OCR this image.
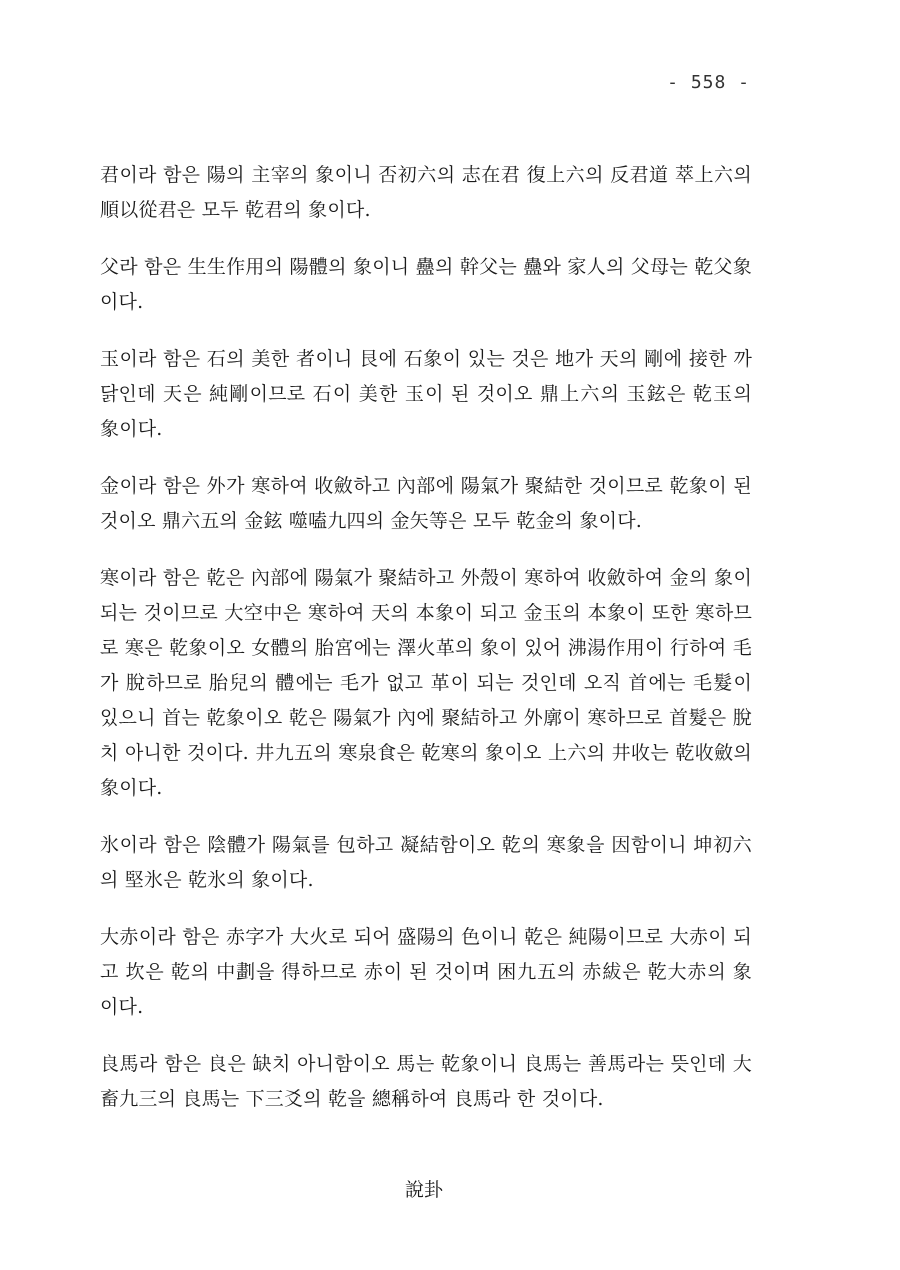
- 558 -

君이라 함은 陽의 主宰의 象이니 否初六의 志在君 復上六의 反君道 萃上六의 順以從君은 모두 乾君의 象이다.

父라 함은 生生作用의 陽體의 象이니 蠱의 幹父는 蠱와 家人의 父母는 乾父象이다.

玉이라 함은 石의 美한 者이니 艮에 石象이 있는 것은 地가 天의 剛에 接한 까닭인데 天은 純剛이므로 石이 美한 玉이 된 것이오 鼎上六의 玉鉉은 乾玉의 象이다.

金이라 함은 外가 寒하여 收斂하고 內部에 陽氣가 聚結한 것이므로 乾象이 된 것이오 鼎六五의 金鉉 噬嗑九四의 金矢等은 모두 乾金의 象이다.

寒이라 함은 乾은 內部에 陽氣가 聚結하고 外殼이 寒하여 收斂하여 金의 象이 되는 것이므로 大空中은 寒하여 天의 本象이 되고 金玉의 本象이 또한 寒하므로 寒은 乾象이오 女體의 胎宮에는 澤火革의 象이 있어 沸湯作用이 行하여 毛가 脫하므로 胎兒의 體에는 毛가 없고 革이 되는 것인데 오직 首에는 毛髮이 있으니 首는 乾象이오 乾은 陽氣가 內에 聚結하고 外廓이 寒하므로 首髮은 脫치 아니한 것이다. 井九五의 寒泉食은 乾寒의 象이오 上六의 井收는 乾收斂의 象이다.

氷이라 함은 陰體가 陽氣를 包하고 凝結함이오 乾의 寒象을 因함이니 坤初六의 堅氷은 乾氷의 象이다.

大赤이라 함은 赤字가 大火로 되어 盛陽의 色이니 乾은 純陽이므로 大赤이 되고 坎은 乾의 中劃을 得하므로 赤이 된 것이며 困九五의 赤紱은 乾大赤의 象이다.

良馬라 함은 良은 缺치 아니함이오 馬는 乾象이니 良馬는 善馬라는 뜻인데 大畜九三의 良馬는 下三爻의 乾을 總稱하여 良馬라 한 것이다.

說卦
